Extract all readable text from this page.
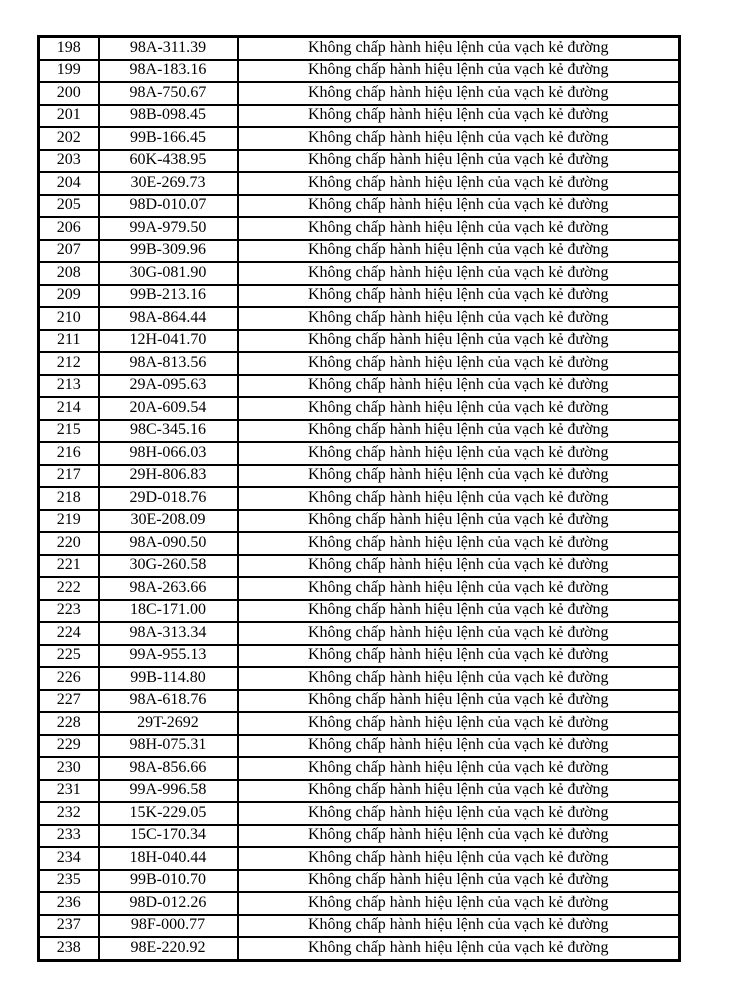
198	98A-311.39	Không chấp hành hiệu lệnh của vạch kẻ đường
199	98A-183.16	Không chấp hành hiệu lệnh của vạch kẻ đường
200	98A-750.67	Không chấp hành hiệu lệnh của vạch kẻ đường
201	98B-098.45	Không chấp hành hiệu lệnh của vạch kẻ đường
202	99B-166.45	Không chấp hành hiệu lệnh của vạch kẻ đường
203	60K-438.95	Không chấp hành hiệu lệnh của vạch kẻ đường
204	30E-269.73	Không chấp hành hiệu lệnh của vạch kẻ đường
205	98D-010.07	Không chấp hành hiệu lệnh của vạch kẻ đường
206	99A-979.50	Không chấp hành hiệu lệnh của vạch kẻ đường
207	99B-309.96	Không chấp hành hiệu lệnh của vạch kẻ đường
208	30G-081.90	Không chấp hành hiệu lệnh của vạch kẻ đường
209	99B-213.16	Không chấp hành hiệu lệnh của vạch kẻ đường
210	98A-864.44	Không chấp hành hiệu lệnh của vạch kẻ đường
211	12H-041.70	Không chấp hành hiệu lệnh của vạch kẻ đường
212	98A-813.56	Không chấp hành hiệu lệnh của vạch kẻ đường
213	29A-095.63	Không chấp hành hiệu lệnh của vạch kẻ đường
214	20A-609.54	Không chấp hành hiệu lệnh của vạch kẻ đường
215	98C-345.16	Không chấp hành hiệu lệnh của vạch kẻ đường
216	98H-066.03	Không chấp hành hiệu lệnh của vạch kẻ đường
217	29H-806.83	Không chấp hành hiệu lệnh của vạch kẻ đường
218	29D-018.76	Không chấp hành hiệu lệnh của vạch kẻ đường
219	30E-208.09	Không chấp hành hiệu lệnh của vạch kẻ đường
220	98A-090.50	Không chấp hành hiệu lệnh của vạch kẻ đường
221	30G-260.58	Không chấp hành hiệu lệnh của vạch kẻ đường
222	98A-263.66	Không chấp hành hiệu lệnh của vạch kẻ đường
223	18C-171.00	Không chấp hành hiệu lệnh của vạch kẻ đường
224	98A-313.34	Không chấp hành hiệu lệnh của vạch kẻ đường
225	99A-955.13	Không chấp hành hiệu lệnh của vạch kẻ đường
226	99B-114.80	Không chấp hành hiệu lệnh của vạch kẻ đường
227	98A-618.76	Không chấp hành hiệu lệnh của vạch kẻ đường
228	29T-2692	Không chấp hành hiệu lệnh của vạch kẻ đường
229	98H-075.31	Không chấp hành hiệu lệnh của vạch kẻ đường
230	98A-856.66	Không chấp hành hiệu lệnh của vạch kẻ đường
231	99A-996.58	Không chấp hành hiệu lệnh của vạch kẻ đường
232	15K-229.05	Không chấp hành hiệu lệnh của vạch kẻ đường
233	15C-170.34	Không chấp hành hiệu lệnh của vạch kẻ đường
234	18H-040.44	Không chấp hành hiệu lệnh của vạch kẻ đường
235	99B-010.70	Không chấp hành hiệu lệnh của vạch kẻ đường
236	98D-012.26	Không chấp hành hiệu lệnh của vạch kẻ đường
237	98F-000.77	Không chấp hành hiệu lệnh của vạch kẻ đường
238	98E-220.92	Không chấp hành hiệu lệnh của vạch kẻ đường
